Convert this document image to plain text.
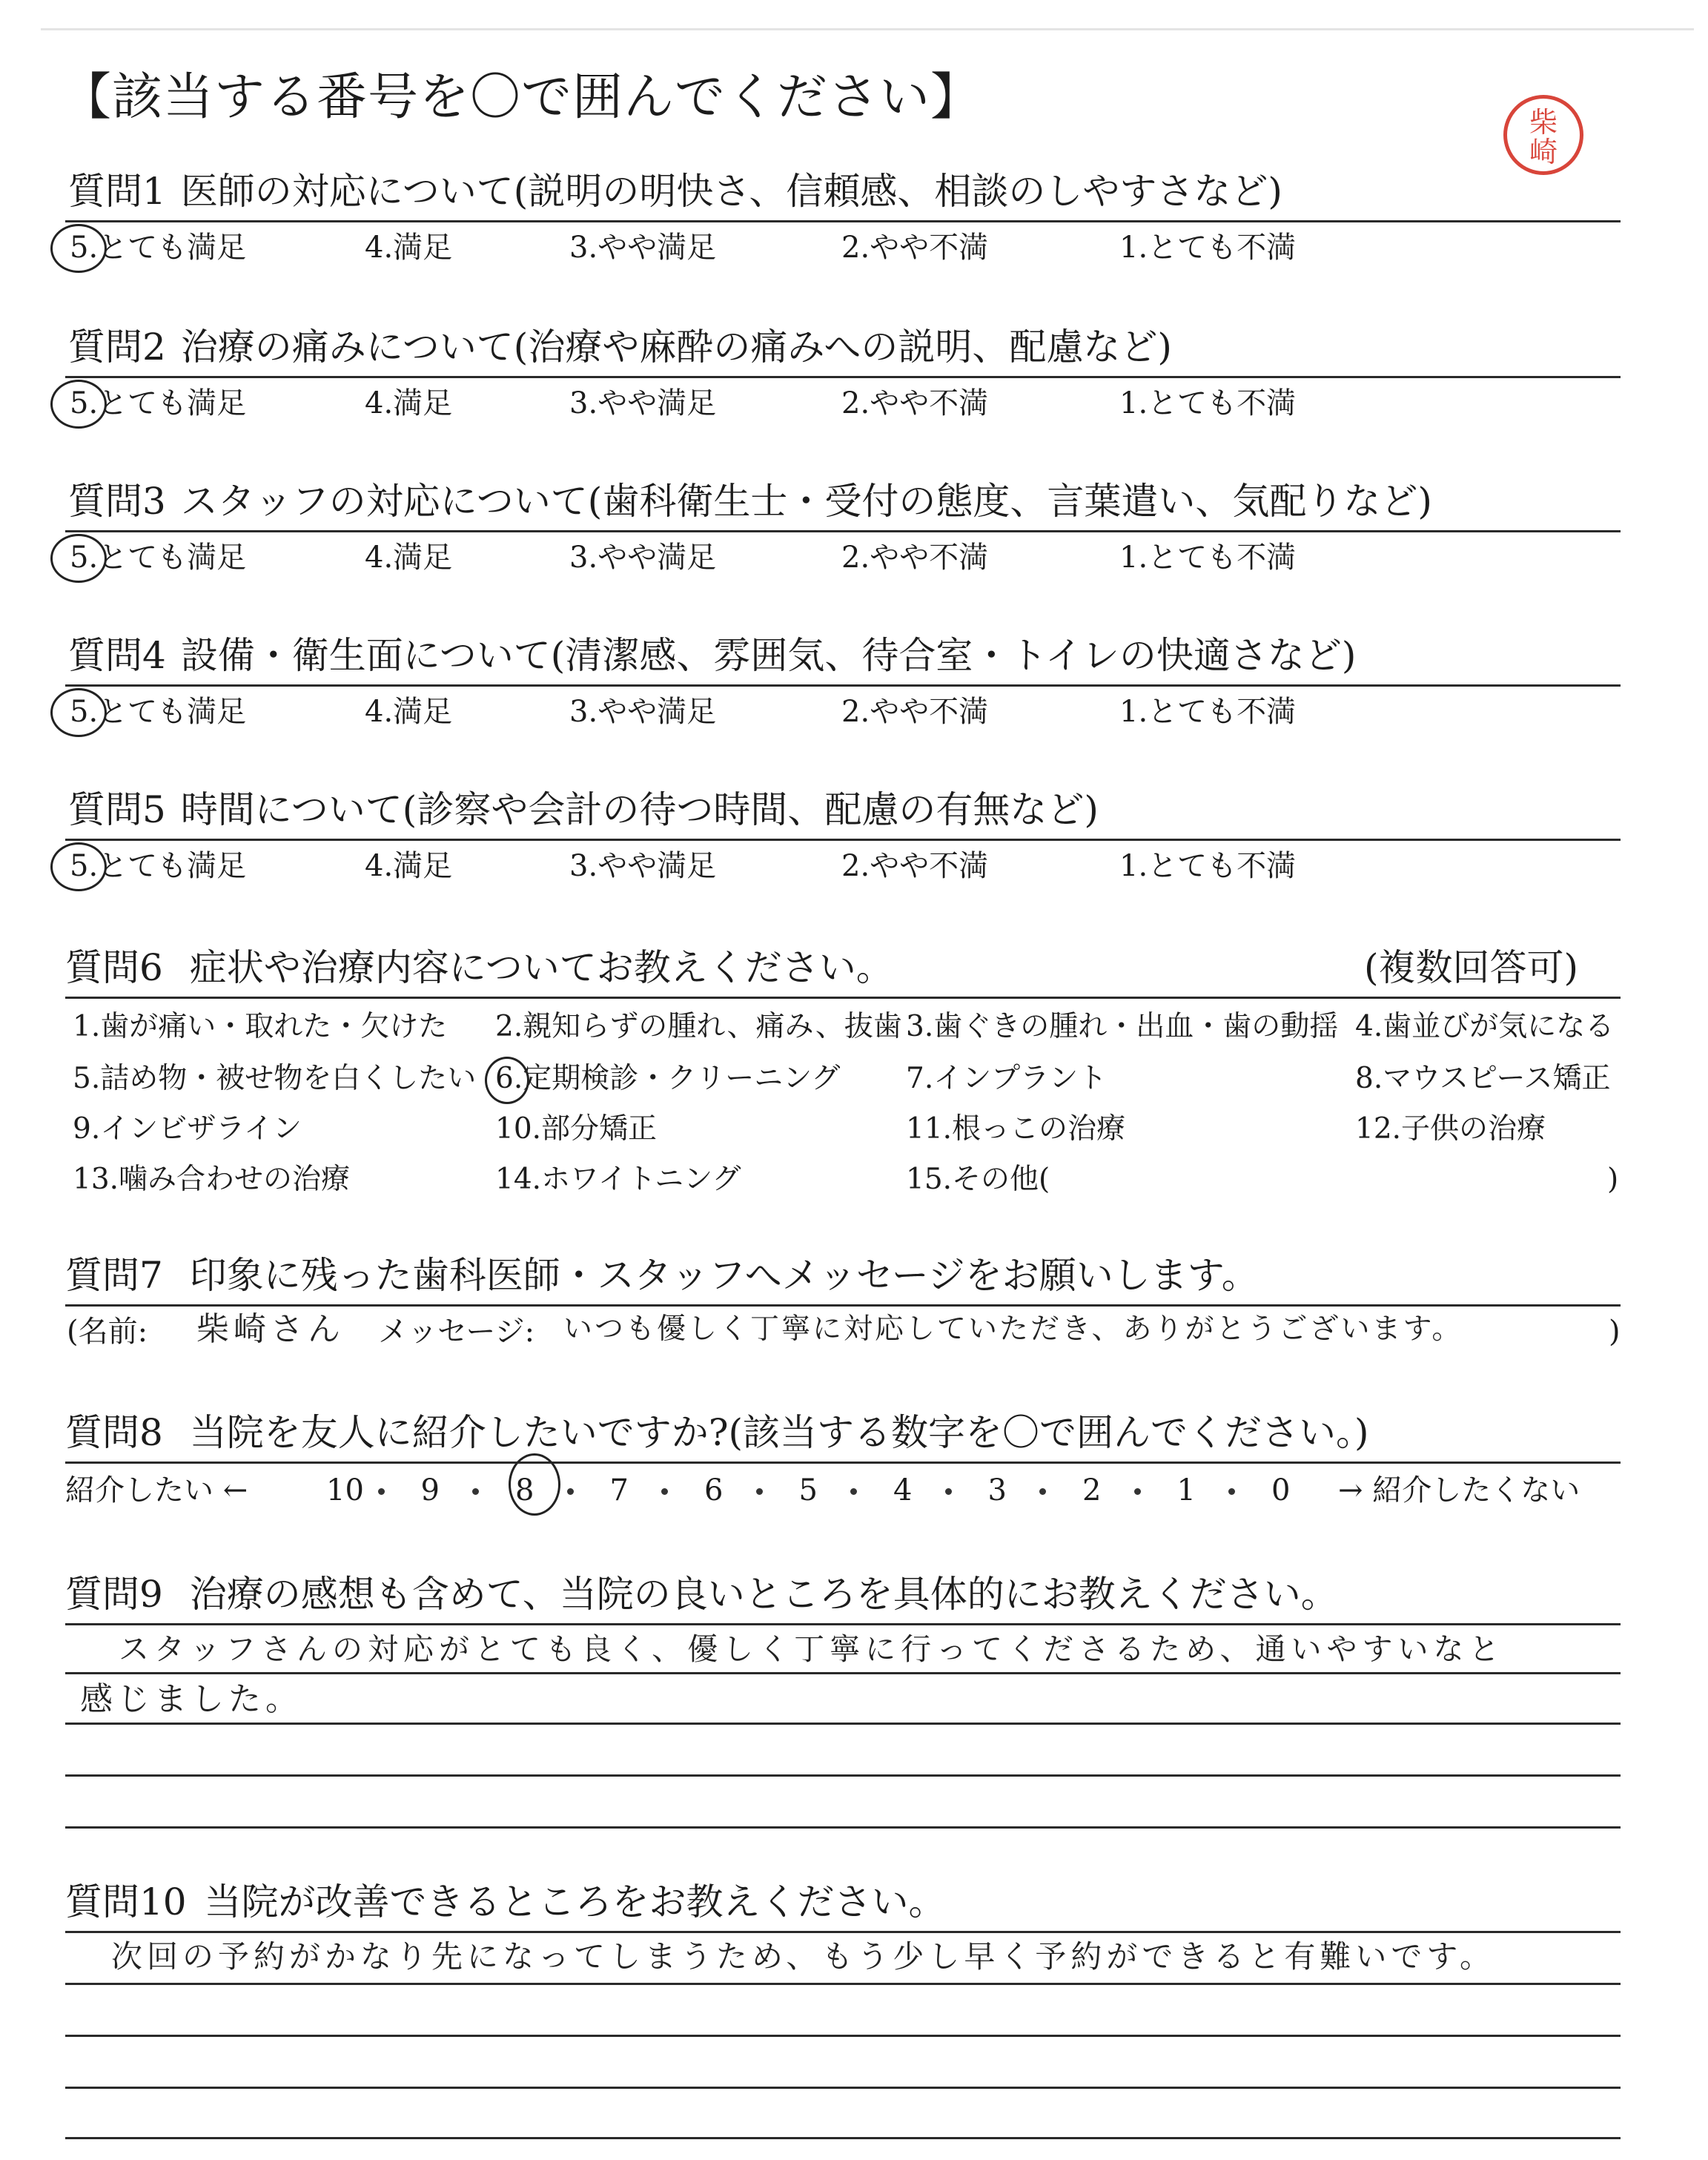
【該当する番号を〇で囲んでください】	柴
崎
質問1 医師の対応について(説明の明快さ、信頼感、相談のしやすさなど)
5.とても満足	4.満足	3.やや満足	2.やや不満	1.とても不満
質問2 治療の痛みについて(治療や麻酔の痛みへの説明、配慮など)
5.とても満足	4.満足	3.やや満足	2.やや不満	1.とても不満
質問3 スタッフの対応について(歯科衛生士・受付の態度、言葉遣い、気配りなど)
5.とても満足	4.満足	3.やや満足	2.やや不満	1.とても不満
質問4 設備・衛生面について(清潔感、雰囲気、待合室・トイレの快適さなど)
5.とても満足	4.満足	3.やや満足	2.やや不満	1.とても不満
質問5 時間について(診察や会計の待つ時間、配慮の有無など)
5.とても満足	4.満足	3.やや満足	2.やや不満	1.とても不満
質問6 症状や治療内容についてお教えください。	(複数回答可)
1.歯が痛い・取れた・欠けた 2.親知らずの腫れ、痛み、抜歯 3.歯ぐきの腫れ・出血・歯の動揺 4.歯並びが気になる
5.詰め物・被せ物を白くしたい 6.定期検診・クリーニング 7.インプラント	8.マウスピース矯正
9.インビザライン	10.部分矯正	11.根っこの治療	12.子供の治療
13.噛み合わせの治療	14.ホワイトニング	15.その他(	)
質問7 印象に残った歯科医師・スタッフへメッセージをお願いします。
(名前: 柴崎さん メッセージ: いつも優しく丁寧に対応していただき、ありがとうございます。	)
質問8 当院を友人に紹介したいですか?(該当する数字を〇で囲んでください。)
紹介したい ←	10 9	8	7	6	5	4	3	2	1	0 → 紹介したくない
質問9 治療の感想も含めて、当院の良いところを具体的にお教えください。
スタッフさんの対応がとても良く、優しく丁寧に行ってくださるため、通いやすいなと
感じました。
質問10 当院が改善できるところをお教えください。
次回の予約がかなり先になってしまうため、もう少し早く予約ができると有難いです。
